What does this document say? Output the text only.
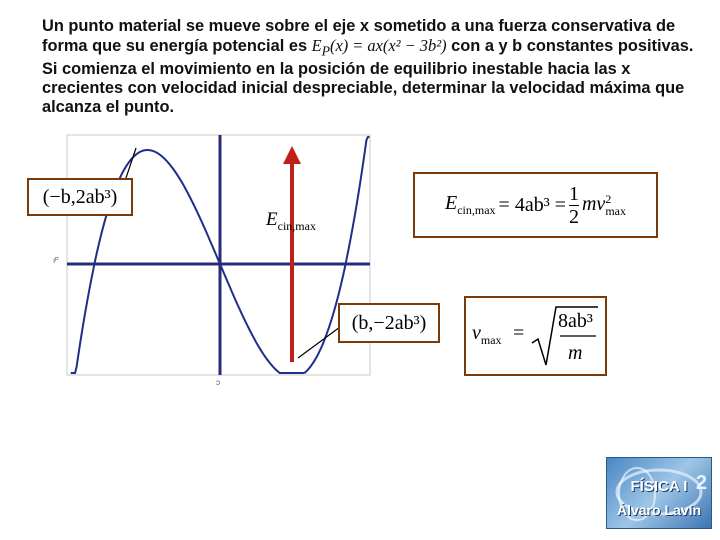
Un punto material se mueve sobre el eje x sometido a una fuerza conservativa de forma que su energía potencial es $E_P(x) = ax(x^2 - 3b^2)$ con a y b constantes positivas. Si comienza el movimiento en la posición de equilibrio inestable hacia las x crecientes con velocidad inicial despreciable, determinar la velocidad máxima que alcanza el punto.
ıᴾ
ɔ
(−b,2ab³)
(b,−2ab³)
$E_{cin,max}$
$E_{cin,max} = 4ab^3 = \frac{1}{2}$ mv 2
max
$v_{max}$ =
8ab³
m
FÍSICA I
Álvaro Lavín
2
